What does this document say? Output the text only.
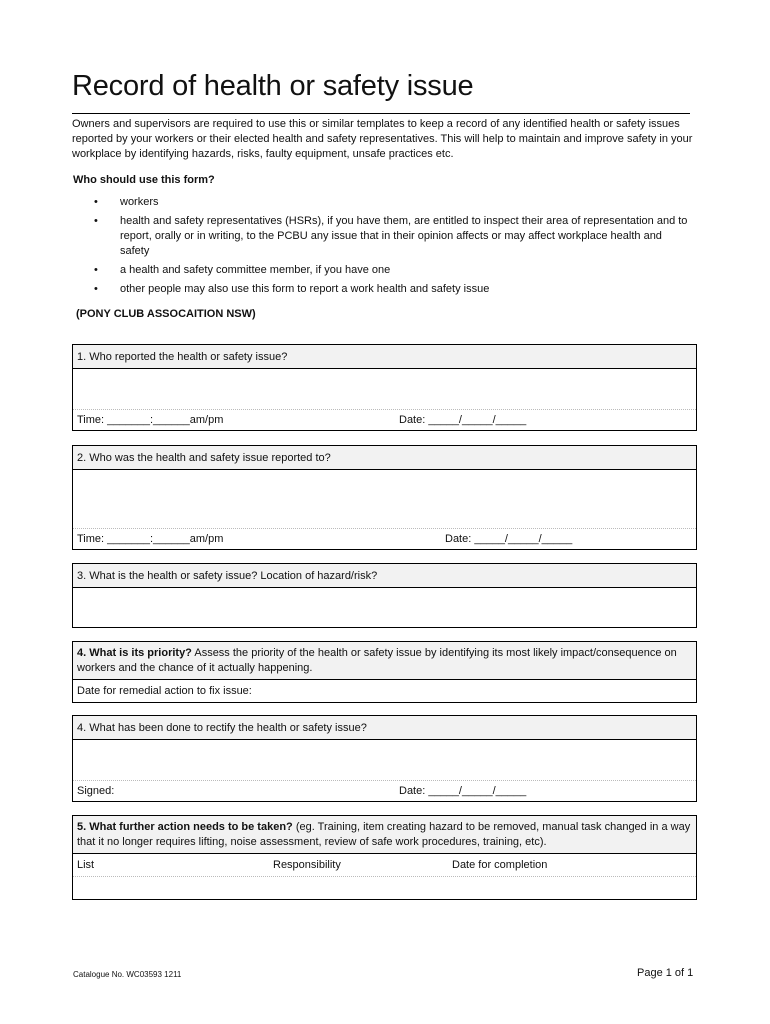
Record of health or safety issue

Owners and supervisors are required to use this or similar templates to keep a record of any identified health or safety issues reported by your workers or their elected health and safety representatives. This will help to maintain and improve safety in your workplace by identifying hazards, risks, faulty equipment, unsafe practices etc.

Who should use this form?

• workers
• health and safety representatives (HSRs), if you have them, are entitled to inspect their area of representation and to report, orally or in writing, to the PCBU any issue that in their opinion affects or may affect workplace health and safety
• a health and safety committee member, if you have one
• other people may also use this form to report a work health and safety issue

(PONY CLUB ASSOCAITION NSW)

1. Who reported the health or safety issue?
Time: _______:______am/pm	Date: _____/_____/_____
2. Who was the health and safety issue reported to?
Time: _______:______am/pm	Date: _____/_____/_____
3. What is the health or safety issue? Location of hazard/risk?
4. What is its priority? Assess the priority of the health or safety issue by identifying its most likely impact/consequence on workers and the chance of it actually happening.
Date for remedial action to fix issue:
4. What has been done to rectify the health or safety issue?
Signed:	Date: _____/_____/_____
5. What further action needs to be taken? (eg. Training, item creating hazard to be removed, manual task changed in a way that it no longer requires lifting, noise assessment, review of safe work procedures, training, etc).
List	Responsibility	Date for completion
Catalogue No. WC03593 1211	Page 1 of 1
